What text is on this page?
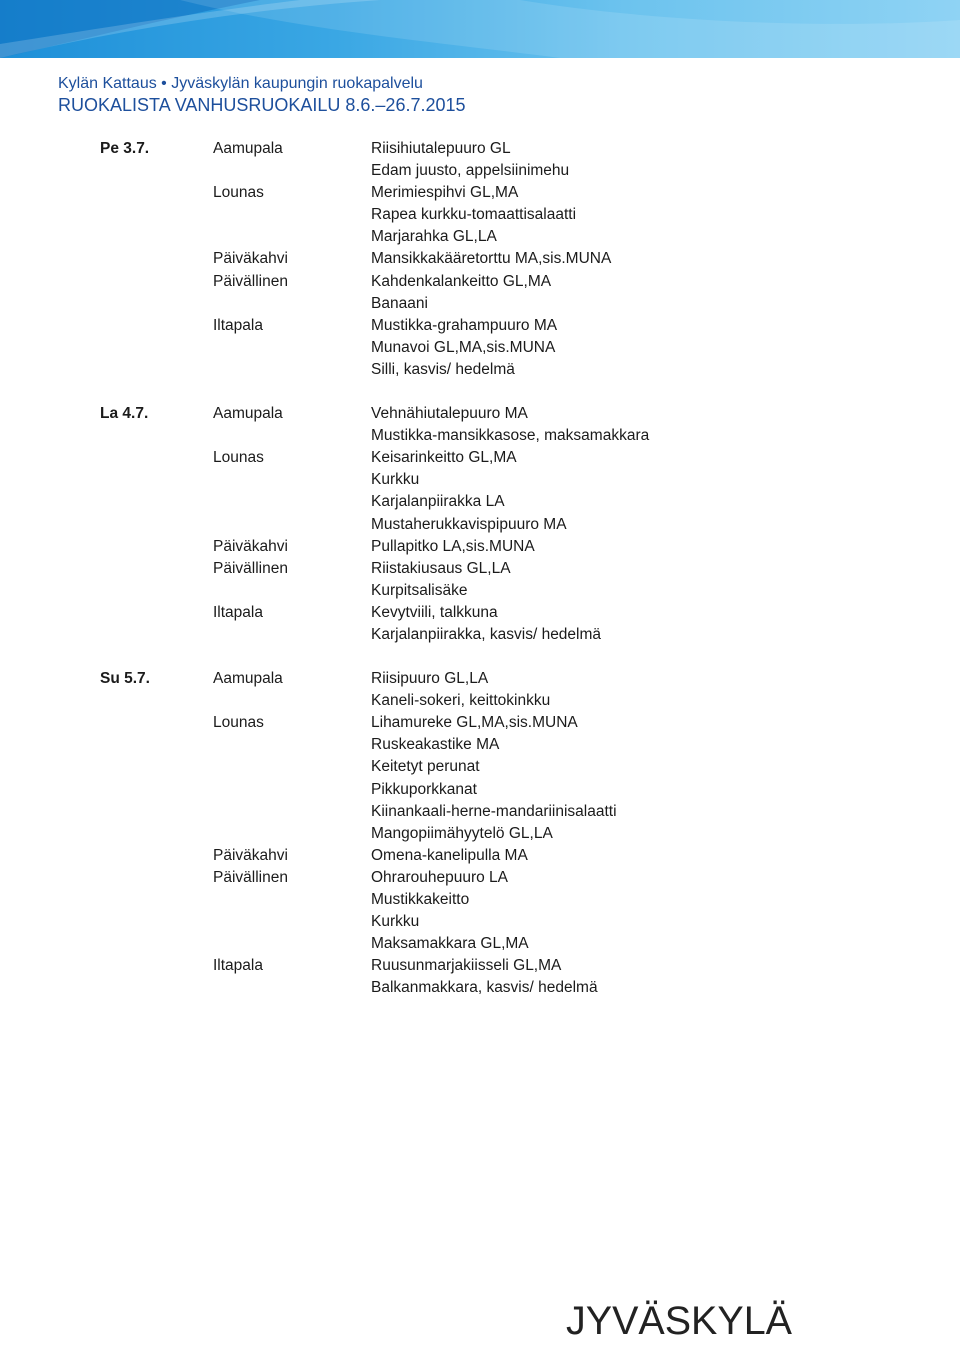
Kylän Kattaus • Jyväskylän kaupungin ruokapalvelu
RUOKALISTA VANHUSRUOKAILU 8.6.–26.7.2015
Pe 3.7.	Aamupala	Riisihiutalepuuro GL
Edam juusto, appelsiinimehu
Lounas	Merimiespihvi GL,MA
Rapea kurkku-tomaattisalaatti
Marjarahka GL,LA
Päiväkahvi	Mansikkakääretorttu MA,sis.MUNA
Päivällinen	Kahdenkalankeitto GL,MA
Banaani
Iltapala	Mustikka-grahampuuro MA
Munavoi GL,MA,sis.MUNA
Silli, kasvis/ hedelmä
La 4.7.	Aamupala	Vehnähiutalepuuro MA
Mustikka-mansikkasose, maksamakkara
Lounas	Keisarinkeitto GL,MA
Kurkku
Karjalanpiirakka LA
Mustaherukkavispipuuro MA
Päiväkahvi	Pullapitko LA,sis.MUNA
Päivällinen	Riistakiusaus GL,LA
Kurpitsalisäke
Iltapala	Kevytviili, talkkuna
Karjalanpiirakka, kasvis/ hedelmä
Su 5.7.	Aamupala	Riisipuuro GL,LA
Kaneli-sokeri, keittokinkku
Lounas	Lihamureke GL,MA,sis.MUNA
Ruskeakastike MA
Keitetyt perunat
Pikkuporkkanat
Kiinankaali-herne-mandariinisalaatti
Mangopiimähyytelö GL,LA
Päiväkahvi	Omena-kanelipulla MA
Päivällinen	Ohrarouhepuuro LA
Mustikkakeitto
Kurkku
Maksamakkara GL,MA
Iltapala	Ruusunmarjakiisseli GL,MA
Balkanmakkara, kasvis/ hedelmä
JYVÄSKYLÄ
